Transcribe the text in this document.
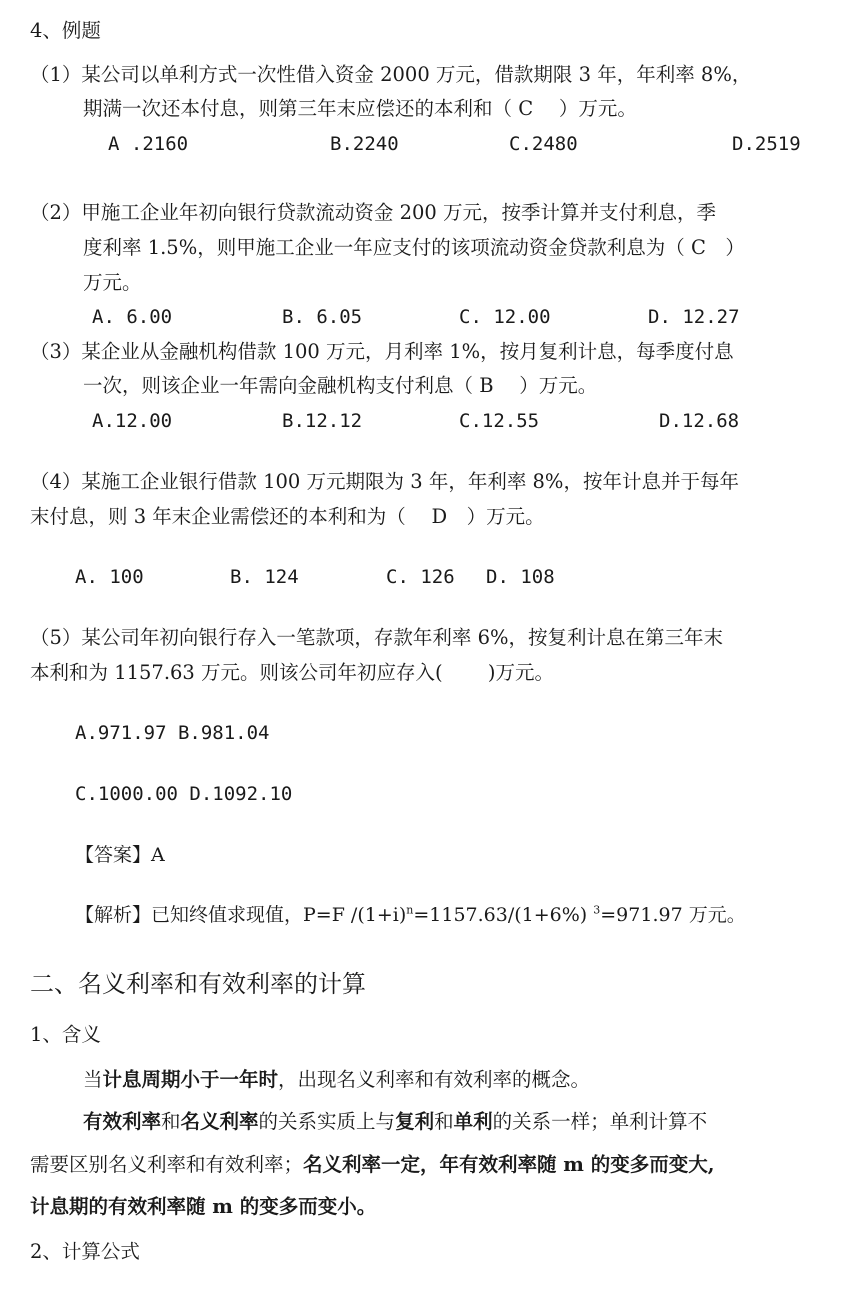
4、例题
（1）某公司以单利方式一次性借入资金 2000 万元，借款期限 3 年，年利率 8%，
期满一次还本付息，则第三年末应偿还的本利和（ C　 ）万元。
A .2160	B.2240	C.2480	D.2519
（2）甲施工企业年初向银行贷款流动资金 200 万元，按季计算并支付利息，季
度利率 1.5%，则甲施工企业一年应支付的该项流动资金贷款利息为（ C　）
万元。
A. 6.00	B. 6.05	C. 12.00	D. 12.27
（3）某企业从金融机构借款 100 万元，月利率 1%，按月复利计息，每季度付息
一次，则该企业一年需向金融机构支付利息（ B　 ）万元。
A.12.00	B.12.12	C.12.55	D.12.68
（4）某施工企业银行借款 100 万元期限为 3 年，年利率 8%，按年计息并于每年
末付息，则 3 年末企业需偿还的本利和为（　 D　）万元。
A. 100	B. 124	C. 126 D. 108
（5）某公司年初向银行存入一笔款项，存款年利率 6%，按复利计息在第三年末
本利和为 1157.63 万元。则该公司年初应存入(　　 )万元。
A.971.97 B.981.04
C.1000.00 D.1092.10
【答案】A
【解析】已知终值求现值，P=F $/(1+i)^n=1157.63/(1+6\%)$ $^3$=971.97 万元。
二、名义利率和有效利率的计算
1、含义
当计息周期小于一年时，出现名义利率和有效利率的概念。
有效利率和名义利率的关系实质上与复利和单利的关系一样；单利计算不
需要区别名义利率和有效利率；名义利率一定，年有效利率随 m 的变多而变大,
计息期的有效利率随 m 的变多而变小。
2、计算公式
